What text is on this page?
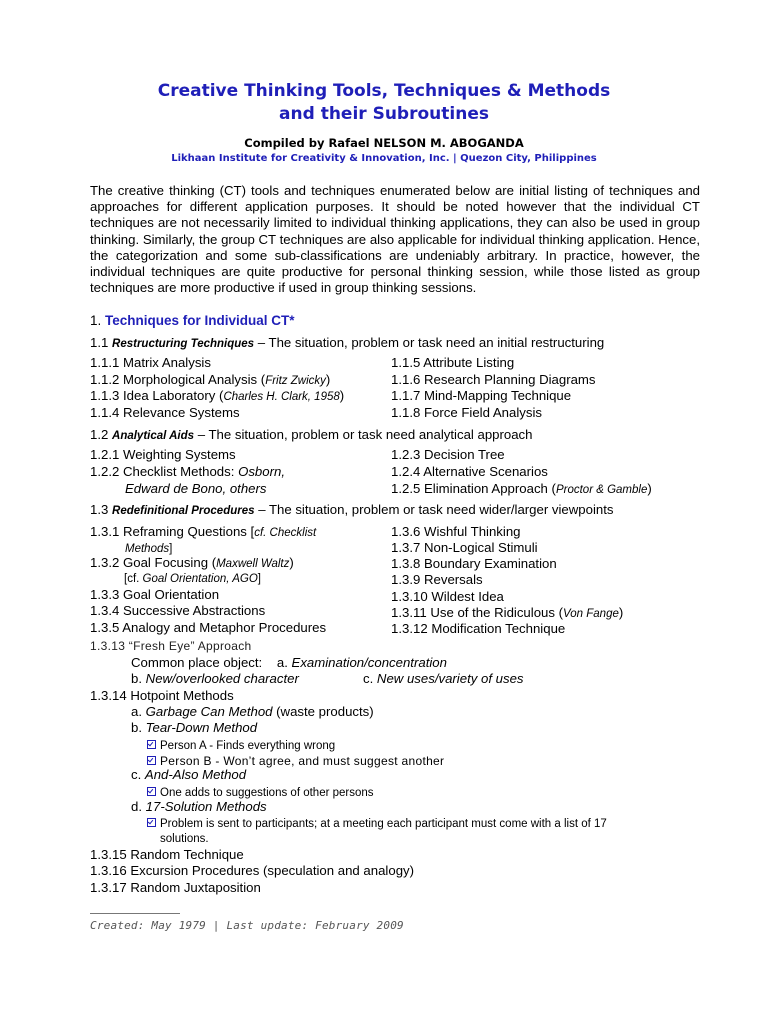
Creative Thinking Tools, Techniques & Methods
and their Subroutines
Compiled by Rafael NELSON M. ABOGANDA
Likhaan Institute for Creativity & Innovation, Inc. | Quezon City, Philippines
The creative thinking (CT) tools and techniques enumerated below are initial listing of techniques and approaches for different application purposes. It should be noted however that the individual CT techniques are not necessarily limited to individual thinking applications, they can also be used in group thinking. Similarly, the group CT techniques are also applicable for individual thinking application. Hence, the categorization and some sub-classifications are undeniably arbitrary. In practice, however, the individual techniques are quite productive for personal thinking session, while those listed as group techniques are more productive if used in group thinking sessions.
1. Techniques for Individual CT*
1.1 Restructuring Techniques – The situation, problem or task need an initial restructuring
1.1.1 Matrix Analysis
1.1.2 Morphological Analysis (Fritz Zwicky)
1.1.3 Idea Laboratory (Charles H. Clark, 1958)
1.1.4 Relevance Systems
1.1.5 Attribute Listing
1.1.6 Research Planning Diagrams
1.1.7 Mind-Mapping Technique
1.1.8 Force Field Analysis
1.2 Analytical Aids – The situation, problem or task need analytical approach
1.2.1 Weighting Systems
1.2.2 Checklist Methods: Osborn,
Edward de Bono, others
1.2.3 Decision Tree
1.2.4 Alternative Scenarios
1.2.5 Elimination Approach (Proctor & Gamble)
1.3 Redefinitional Procedures – The situation, problem or task need wider/larger viewpoints
1.3.1 Reframing Questions [cf. Checklist
Methods]
1.3.2 Goal Focusing (Maxwell Waltz)
[cf. Goal Orientation, AGO]
1.3.3 Goal Orientation
1.3.4 Successive Abstractions
1.3.5 Analogy and Metaphor Procedures
1.3.6 Wishful Thinking
1.3.7 Non-Logical Stimuli
1.3.8 Boundary Examination
1.3.9 Reversals
1.3.10 Wildest Idea
1.3.11 Use of the Ridiculous (Von Fange)
1.3.12 Modification Technique
1.3.13 “Fresh Eye” Approach
Common place object: a. Examination/concentration
b. New/overlooked character	c. New uses/variety of uses
1.3.14 Hotpoint Methods
a. Garbage Can Method (waste products)
b. Tear-Down Method
Person A - Finds everything wrong
Person B - Won’t agree, and must suggest another
c. And-Also Method
One adds to suggestions of other persons
d. 17-Solution Methods
Problem is sent to participants; at a meeting each participant must come with a list of 17
solutions.
1.3.15 Random Technique
1.3.16 Excursion Procedures (speculation and analogy)
1.3.17 Random Juxtaposition
Created: May 1979 | Last update: February 2009
